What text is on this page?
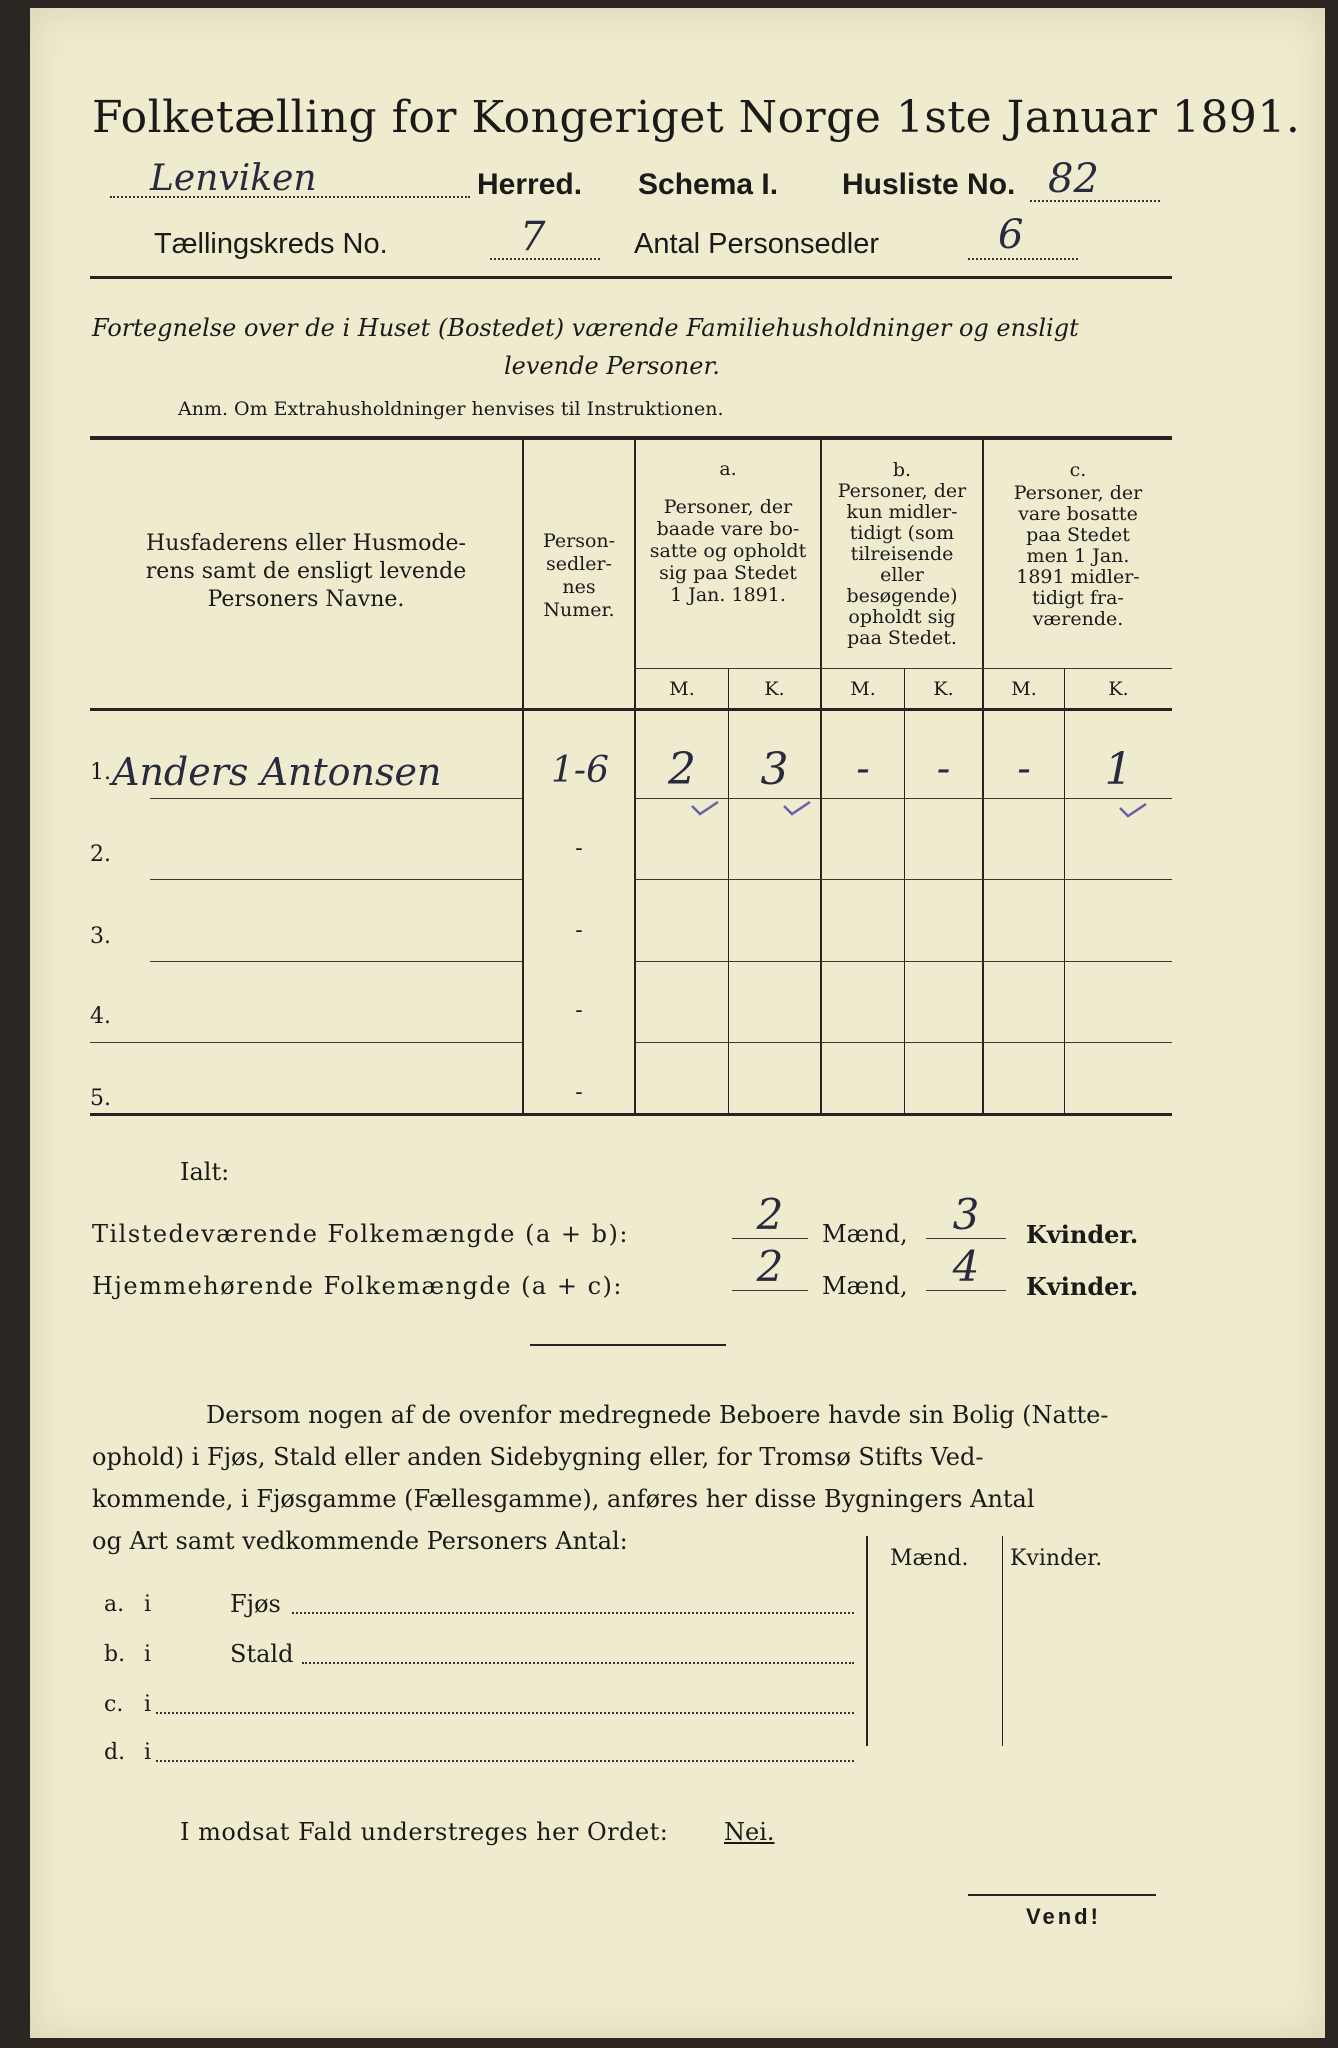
Folketælling for Kongeriget Norge 1ste Januar 1891.
Lenviken	Herred. Schema I. Husliste No. 82
Tællingskreds No.	7	Antal Personsedler	6
Fortegnelse over de i Huset (Bostedet) værende Familiehusholdninger og ensligt
levende Personer.
Anm. Om Extrahusholdninger henvises til Instruktionen.
Husfaderens eller Husmode-
rens samt de ensligt levende
Personers Navne.
Person-
sedler-
nes
Numer.
a.
Personer, der
baade vare bo-
satte og opholdt
sig paa Stedet
1 Jan. 1891.
b.
Personer, der
kun midler-
tidigt (som
tilreisende
eller
besøgende)
opholdt sig
paa Stedet.
c.
Personer, der
vare bosatte
paa Stedet
men 1 Jan.
1891 midler-
tidigt fra-
værende.
M.	K.	M.	K.	M.	K.
1. Anders Antonsen	1-6	2	3	-	-	-	1
2.	-
3.	-
4.	-
5.	-
Ialt:
Tilstedeværende Folkemængde (a + b):	2	Mænd,	3	Kvinder.
Hjemmehørende Folkemængde (a + c):	2	Mænd,	4	Kvinder.
Dersom nogen af de ovenfor medregnede Beboere havde sin Bolig (Natte-
ophold) i Fjøs, Stald eller anden Sidebygning eller, for Tromsø Stifts Ved-
kommende, i Fjøsgamme (Fællesgamme), anføres her disse Bygningers Antal
og Art samt vedkommende Personers Antal:
Mænd. Kvinder.
a. i	Fjøs
b. i	Stald
c. i
d. i
I modsat Fald understreges her Ordet: Nei.
Vend!
